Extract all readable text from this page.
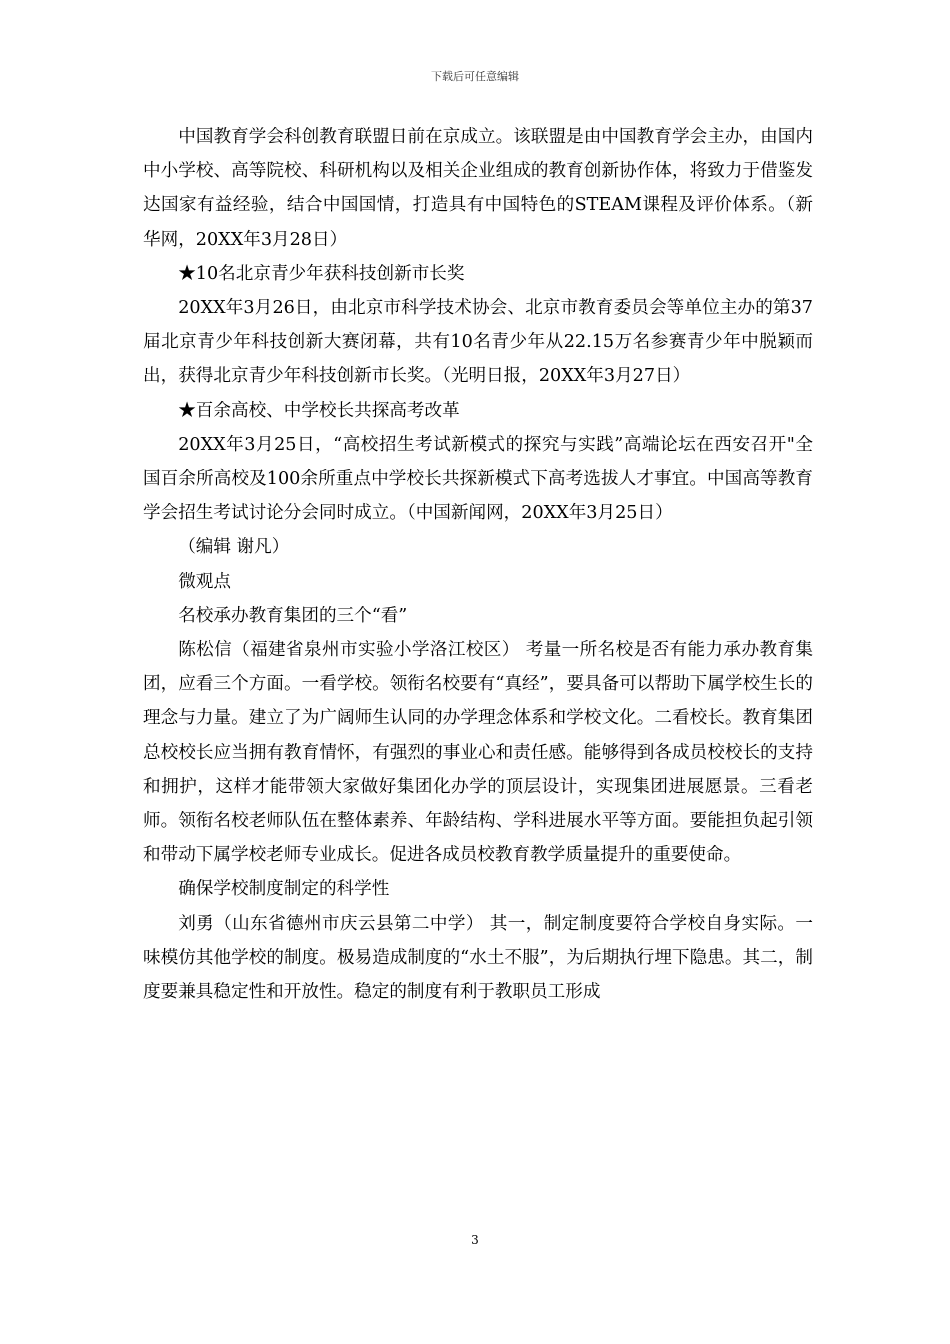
下载后可任意编辑

中国教育学会科创教育联盟日前在京成立。该联盟是由中国教育学会主办，由国内中小学校、高等院校、科研机构以及相关企业组成的教育创新协作体，将致力于借鉴发达国家有益经验，结合中国国情，打造具有中国特色的STEAM课程及评价体系。（新华网，20XX年3月28日）

★10名北京青少年获科技创新市长奖

20XX年3月26日，由北京市科学技术协会、北京市教育委员会等单位主办的第37届北京青少年科技创新大赛闭幕，共有10名青少年从22.15万名参赛青少年中脱颖而出，获得北京青少年科技创新市长奖。（光明日报，20XX年3月27日）

★百余高校、中学校长共探高考改革

20XX年3月25日，“高校招生考试新模式的探究与实践”高端论坛在西安召开"全国百余所高校及100余所重点中学校长共探新模式下高考选拔人才事宜。中国高等教育学会招生考试讨论分会同时成立。（中国新闻网，20XX年3月25日）

（编辑 谢凡）

微观点

名校承办教育集团的三个“看”

陈松信（福建省泉州市实验小学洛江校区） 考量一所名校是否有能力承办教育集团，应看三个方面。一看学校。领衔名校要有“真经”，要具备可以帮助下属学校生长的理念与力量。建立了为广阔师生认同的办学理念体系和学校文化。二看校长。教育集团总校校长应当拥有教育情怀，有强烈的事业心和责任感。能够得到各成员校校长的支持和拥护，这样才能带领大家做好集团化办学的顶层设计，实现集团进展愿景。三看老师。领衔名校老师队伍在整体素养、年龄结构、学科进展水平等方面。要能担负起引领和带动下属学校老师专业成长。促进各成员校教育教学质量提升的重要使命。

确保学校制度制定的科学性

刘勇（山东省德州市庆云县第二中学） 其一，制定制度要符合学校自身实际。一味模仿其他学校的制度。极易造成制度的“水土不服”，为后期执行埋下隐患。其二，制度要兼具稳定性和开放性。稳定的制度有利于教职员工形成

3
